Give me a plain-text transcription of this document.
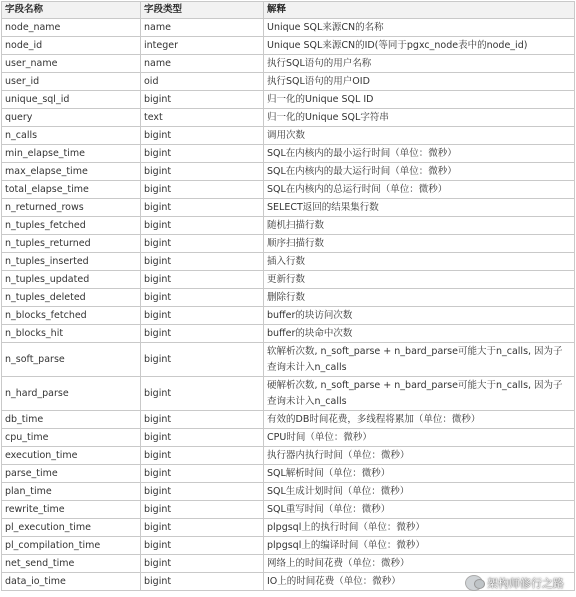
字段名称	字段类型	解释
node_name	name	Unique SQL来源CN的名称
node_id	integer	Unique SQL来源CN的ID(等同于pgxc_node表中的node_id)
user_name	name	执行SQL语句的用户名称
user_id	oid	执行SQL语句的用户OID
unique_sql_id	bigint	归一化的Unique SQL ID
query	text	归一化的Unique SQL字符串
n_calls	bigint	调用次数
min_elapse_time	bigint	SQL在内核内的最小运行时间（单位：微秒）
max_elapse_time	bigint	SQL在内核内的最大运行时间（单位：微秒）
total_elapse_time	bigint	SQL在内核内的总运行时间（单位：微秒）
n_returned_rows	bigint	SELECT返回的结果集行数
n_tuples_fetched	bigint	随机扫描行数
n_tuples_returned	bigint	顺序扫描行数
n_tuples_inserted	bigint	插入行数
n_tuples_updated	bigint	更新行数
n_tuples_deleted	bigint	删除行数
n_blocks_fetched	bigint	buffer的块访问次数
n_blocks_hit	bigint	buffer的块命中次数
n_soft_parse	bigint	软解析次数, n_soft_parse + n_bard_parse可能大于n_calls, 因为子查询未计入n_calls
n_hard_parse	bigint	硬解析次数, n_soft_parse + n_bard_parse可能大于n_calls, 因为子查询未计入n_calls
db_time	bigint	有效的DB时间花费，多线程将累加（单位：微秒）
cpu_time	bigint	CPU时间（单位：微秒）
execution_time	bigint	执行器内执行时间（单位：微秒）
parse_time	bigint	SQL解析时间（单位：微秒）
plan_time	bigint	SQL生成计划时间（单位：微秒）
rewrite_time	bigint	SQL重写时间（单位：微秒）
pl_execution_time	bigint	plpgsql上的执行时间（单位：微秒）
pl_compilation_time	bigint	plpgsql上的编译时间（单位：微秒）
net_send_time	bigint	网络上的时间花费（单位：微秒）
data_io_time	bigint	IO上的时间花费（单位：微秒）	架构师修行之路
